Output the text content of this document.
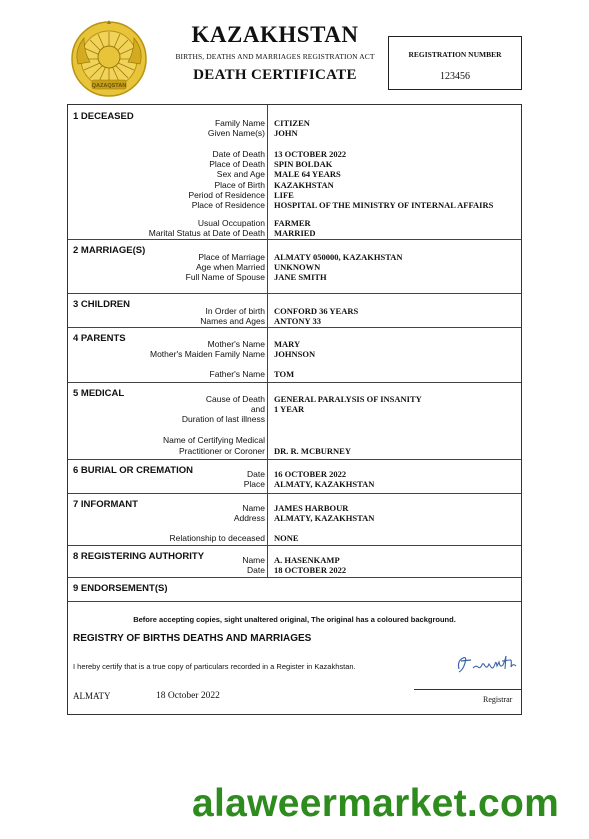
QAZAQSTAN
KAZAKHSTAN
BIRTHS, DEATHS AND MARRIAGES REGISTRATION ACT
DEATH CERTIFICATE
REGISTRATION NUMBER
123456
1 DECEASED
Family Name CITIZEN
Given Name(s) JOHN
Date of Death 13 OCTOBER 2022
Place of Death SPIN BOLDAK
Sex and Age MALE 64 YEARS
Place of Birth KAZAKHSTAN
Period of Residence LIFE
Place of Residence HOSPITAL OF THE MINISTRY OF INTERNAL AFFAIRS
Usual Occupation FARMER
Marital Status at Date of Death MARRIED
2 MARRIAGE(S)
Place of Marriage ALMATY 050000, KAZAKHSTAN
Age when Married UNKNOWN
Full Name of Spouse JANE SMITH
3 CHILDREN
In Order of birth CONFORD 36 YEARS
Names and Ages ANTONY 33
4 PARENTS	Mother's Name MARY
Mother's Maiden Family Name JOHNSON
Father's Name TOM
5 MEDICAL	Cause of Death GENERAL PARALYSIS OF INSANITY
and 1 YEAR
Duration of last illness
Name of Certifying Medical
Practitioner or Coroner DR. R. MCBURNEY
6 BURIAL OR CREMATION	Date 16 OCTOBER 2022
Place ALMATY, KAZAKHSTAN
7 INFORMANT	Name JAMES HARBOUR
Address ALMATY, KAZAKHSTAN
Relationship to deceased NONE
8 REGISTERING AUTHORITY	Name A. HASENKAMP
Date 18 OCTOBER 2022
9 ENDORSEMENT(S)
Before accepting copies, sight unaltered original, The original has a coloured background.
REGISTRY OF BIRTHS DEATHS AND MARRIAGES
I hereby certify that is a true copy of particulars recorded in a Register in Kazakhstan.
ALMATY	18 October 2022	Registrar
alaweermarket.com
